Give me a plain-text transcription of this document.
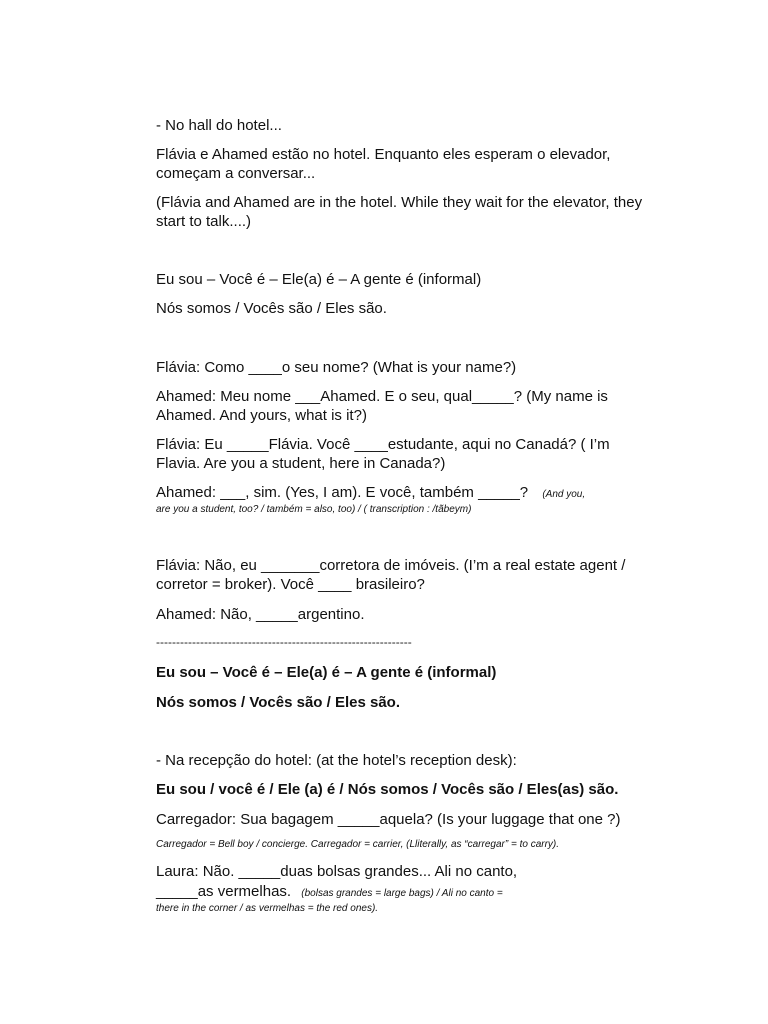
- No hall do hotel...
Flávia e Ahamed estão no hotel. Enquanto eles esperam o elevador,
começam a conversar...
(Flávia and Ahamed are in the hotel. While they wait for the elevator, they
start to talk....)
Eu sou – Você é – Ele(a) é – A gente é (informal)
Nós somos / Vocês são / Eles são.
Flávia: Como ____o seu nome? (What is your name?)
Ahamed: Meu nome ___Ahamed. E o seu, qual_____? (My name is
Ahamed. And yours, what is it?)
Flávia: Eu _____Flávia. Você ____estudante, aqui no Canadá? ( I’m
Flavia. Are you a student, here in Canada?)
Ahamed: ___, sim. (Yes, I am). E você, também _____? (And you,
are you a student, too? / também = also, too) / ( transcription : /tãbeym)
Flávia: Não, eu _______corretora de imóveis. (I’m a real estate agent /
corretor = broker). Você ____ brasileiro?
Ahamed: Não, _____argentino.
----------------------------------------------------------------
Eu sou – Você é – Ele(a) é – A gente é (informal)
Nós somos / Vocês são / Eles são.
- Na recepção do hotel: (at the hotel’s reception desk):
Eu sou / você é / Ele (a) é / Nós somos / Vocês são / Eles(as) são.
Carregador: Sua bagagem _____aquela? (Is your luggage that one ?)
Carregador = Bell boy / concierge. Carregador = carrier, (Lliterally, as “carregar” = to carry).
Laura: Não. _____duas bolsas grandes... Ali no canto,
_____as vermelhas. (bolsas grandes = large bags) / Ali no canto =
there in the corner / as vermelhas = the red ones).
